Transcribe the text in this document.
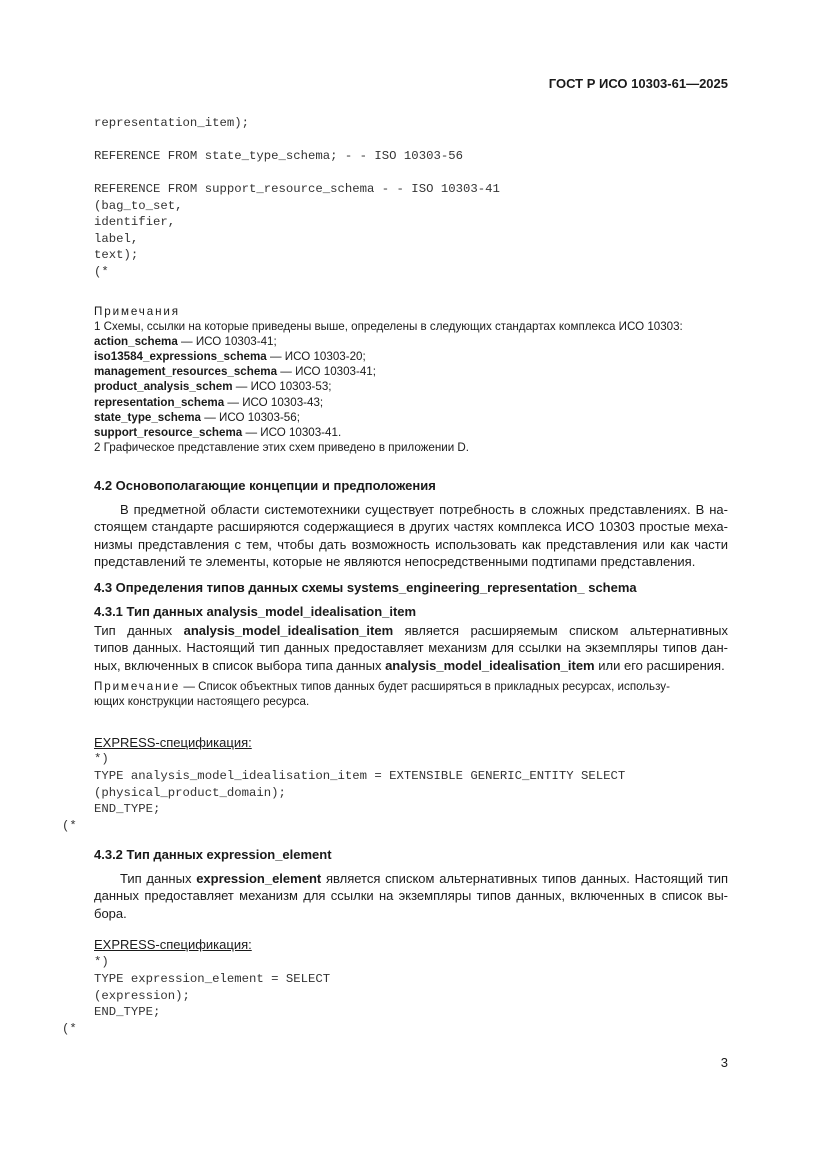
ГОСТ Р ИСО 10303-61—2025
representation_item);
REFERENCE FROM state_type_schema; - - ISO 10303-56
REFERENCE FROM support_resource_schema - - ISO 10303-41
(bag_to_set,
identifier,
label,
text);
(*
Примечания
1 Схемы, ссылки на которые приведены выше, определены в следующих стандартах комплекса ИСО 10303:
action_schema — ИСО 10303-41;
iso13584_expressions_schema — ИСО 10303-20;
management_resources_schema — ИСО 10303-41;
product_analysis_schem — ИСО 10303-53;
representation_schema — ИСО 10303-43;
state_type_schema — ИСО 10303-56;
support_resource_schema — ИСО 10303-41.
2 Графическое представление этих схем приведено в приложении D.
4.2 Основополагающие концепции и предположения
В предметной области системотехники существует потребность в сложных представлениях. В на-
стоящем стандарте расширяются содержащиеся в других частях комплекса ИСО 10303 простые меха-
низмы представления с тем, чтобы дать возможность использовать как представления или как части
представлений те элементы, которые не являются непосредственными подтипами представления.
4.3 Определения типов данных схемы systems_engineering_representation_ schema
4.3.1 Тип данных analysis_model_idealisation_item
Тип данных analysis_model_idealisation_item является расширяемым списком альтернативных
типов данных. Настоящий тип данных предоставляет механизм для ссылки на экземпляры типов дан-
ных, включенных в список выбора типа данных analysis_model_idealisation_item или его расширения.
Примечание — Список объектных типов данных будет расширяться в прикладных ресурсах, использу-
ющих конструкции настоящего ресурса.
EXPRESS-спецификация:
*)
TYPE analysis_model_idealisation_item = EXTENSIBLE GENERIC_ENTITY SELECT
(physical_product_domain);
END_TYPE;
(*
4.3.2 Тип данных expression_element
Тип данных expression_element является списком альтернативных типов данных. Настоящий тип
данных предоставляет механизм для ссылки на экземпляры типов данных, включенных в список вы-
бора.
EXPRESS-спецификация:
*)
TYPE expression_element = SELECT
(expression);
END_TYPE;
(*
3
